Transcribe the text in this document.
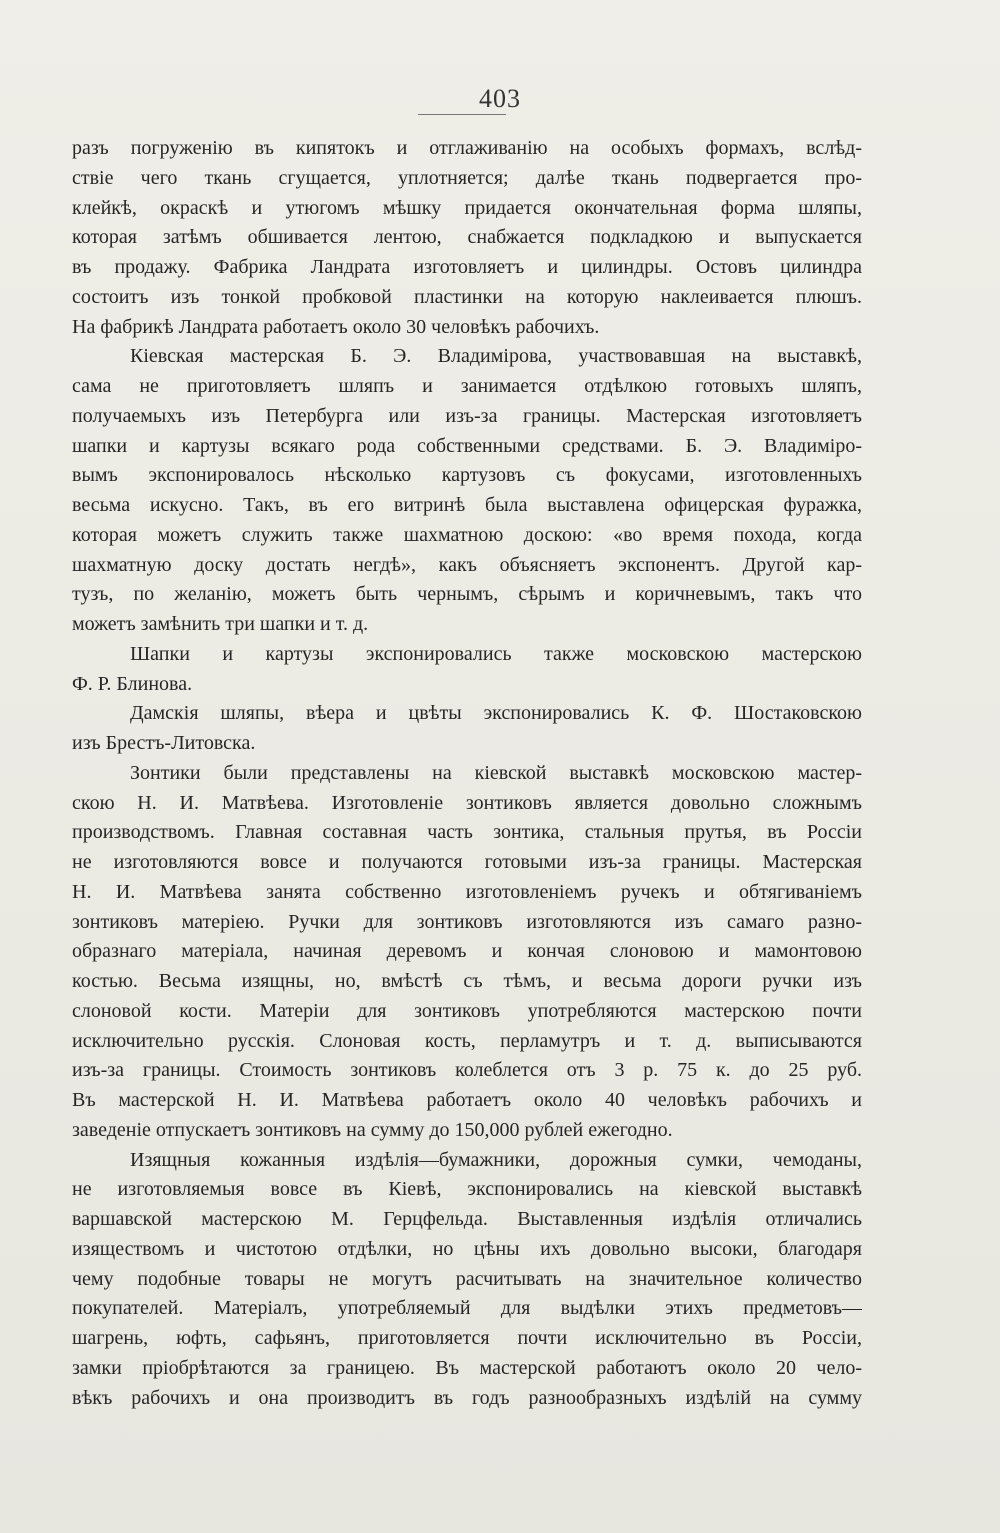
403
разъ погруженію въ кипятокъ и отглаживанію на особыхъ формахъ, вслѣд-
ствіе чего ткань сгущается, уплотняется; далѣе ткань подвергается про-
клейкѣ, окраскѣ и утюгомъ мѣшку придается окончательная форма шляпы,
которая затѣмъ обшивается лентою, снабжается подкладкою и выпускается
въ продажу. Фабрика Ландрата изготовляетъ и цилиндры. Остовъ цилиндра
состоитъ изъ тонкой пробковой пластинки на которую наклеивается плюшъ.
На фабрикѣ Ландрата работаетъ около 30 человѣкъ рабочихъ.
Кіевская мастерская Б. Э. Владиміpова, участвовавшая на выставкѣ,
сама не приготовляетъ шляпъ и занимается отдѣлкою готовыхъ шляпъ,
получаемыхъ изъ Петербурга или изъ-за границы. Мастерская изготовляетъ
шапки и картузы всякаго рода собственными средствами. Б. Э. Владиміро-
вымъ экспонировалось нѣсколько картузовъ съ фокусами, изготовленныхъ
весьма искусно. Такъ, въ его витринѣ была выставлена офицерская фуражка,
которая можетъ служить также шахматною доскою: «во время похода, когда
шахматную доску достать негдѣ», какъ объясняетъ экспонентъ. Другой кар-
тузъ, по желанію, можетъ быть чернымъ, сѣрымъ и коричневымъ, такъ что
можетъ замѣнить три шапки и т. д.
Шапки и картузы экспонировались также московскою мастерскою
Ф. Р. Блинова.
Дамскія шляпы, вѣера и цвѣты экспонировались К. Ф. Шостаковскою
изъ Брестъ-Литовска.
Зонтики были представлены на кіевской выставкѣ московскою мастер-
скою Н. И. Матвѣева. Изготовленіе зонтиковъ является довольно сложнымъ
производствомъ. Главная составная часть зонтика, стальныя прутья, въ Россіи
не изготовляются вовсе и получаются готовыми изъ-за границы. Мастерская
Н. И. Матвѣева занята собственно изготовленіемъ ручекъ и обтягиваніемъ
зонтиковъ матеріею. Ручки для зонтиковъ изготовляются изъ самаго разно-
образнаго матеріала, начиная деревомъ и кончая слоновою и мамонтовою
костью. Весьма изящны, но, вмѣстѣ съ тѣмъ, и весьма дороги ручки изъ
слоновой кости. Матеріи для зонтиковъ употребляются мастерскою почти
исключительно русскія. Слоновая кость, перламутръ и т. д. выписываются
изъ-за границы. Стоимость зонтиковъ колеблется отъ 3 р. 75 к. до 25 руб.
Въ мастерской Н. И. Матвѣева работаетъ около 40 человѣкъ рабочихъ и
заведеніе отпускаетъ зонтиковъ на сумму до 150,000 рублей ежегодно.
Изящныя кожанныя издѣлія—бумажники, дорожныя сумки, чемоданы,
не изготовляемыя вовсе въ Кіевѣ, экспонировались на кіевской выставкѣ
варшавской мастерскою М. Герцфельда. Выставленныя издѣлія отличались
изяществомъ и чистотою отдѣлки, но цѣны ихъ довольно высоки, благодаря
чему подобные товары не могутъ расчитывать на значительное количество
покупателей. Матеріалъ, употребляемый для выдѣлки этихъ предметовъ—
шагрень, юфть, сафьянъ, приготовляется почти исключительно въ Россіи,
замки пріобрѣтаются за границею. Въ мастерской работаютъ около 20 чело-
вѣкъ рабочихъ и она производитъ въ годъ разнообразныхъ издѣлій на сумму
